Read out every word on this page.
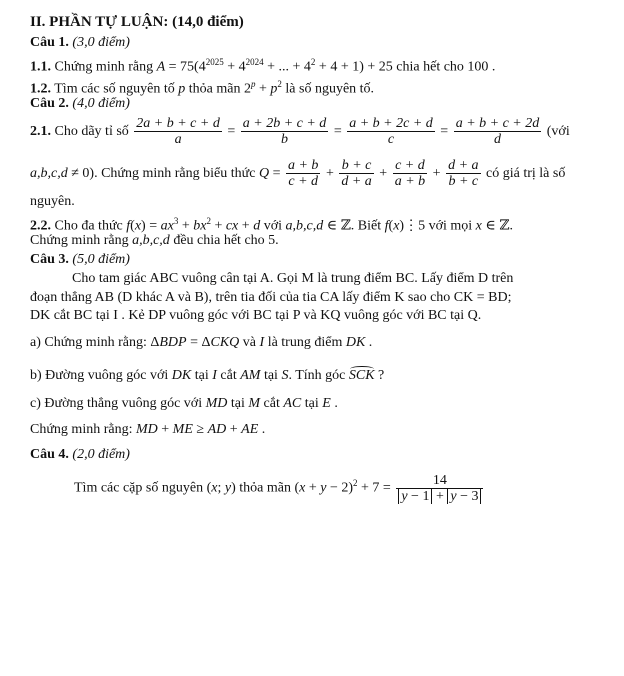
II. PHẦN TỰ LUẬN: (14,0 điểm)
Câu 1. (3,0 điểm)
1.1. Chứng minh rằng $A = 75(4^{2025} + 4^{2024}$ + ... + $4^2 + 4 + 1) + 25$ chia hết cho 100 .
1.2. Tìm các số nguyên tố p thỏa mãn $2^p + p^2$ là số nguyên tố.
Câu 2. (4,0 điểm)
2.1. Cho dãy tỉ số $\frac{2a + b + c + d}{a} = \frac{a + 2b + c + d}{b} = \frac{a + b + 2c + d}{c} = \frac{a + b + c + 2d}{d}$ (với
a,b,c,d ≠ 0). Chứng minh rằng biểu thức $Q = \frac{a + b}{c + d} + \frac{b + c}{d + a} + \frac{c + d}{a + b} + \frac{d + a}{b + c}$ có giá trị là số
nguyên.
2.2. Cho đa thức $f(x) = ax^3 + bx^2$ + cx + d với a,b,c,d ∈ ℤ. Biết f(x)⋮5 với mọi x ∈ ℤ.
Chứng minh rằng a,b,c,d đều chia hết cho 5.
Câu 3. (5,0 điểm)
Cho tam giác ABC vuông cân tại A. Gọi M là trung điểm BC. Lấy điểm D trên
đoạn thẳng AB (D khác A và B), trên tia đối của tia CA lấy điểm K sao cho CK = BD;
DK cắt BC tại I . Kẻ DP vuông góc với BC tại P và KQ vuông góc với BC tại Q.
a) Chứng minh rằng: ΔBDP = ΔCKQ và I là trung điểm DK .
b) Đường vuông góc với DK tại I cắt AM tại S. Tính góc SCK ?
c) Đường thẳng vuông góc với MD tại M cắt AC tại E .
Chứng minh rằng: MD + ME ≥ AD + AE .
Câu 4. (2,0 điểm)
Tìm các cặp số nguyên (x; y) thỏa mãn $(x + y - 2)^2 + 7 = \frac{14}{y - 1 + y - 3}$
